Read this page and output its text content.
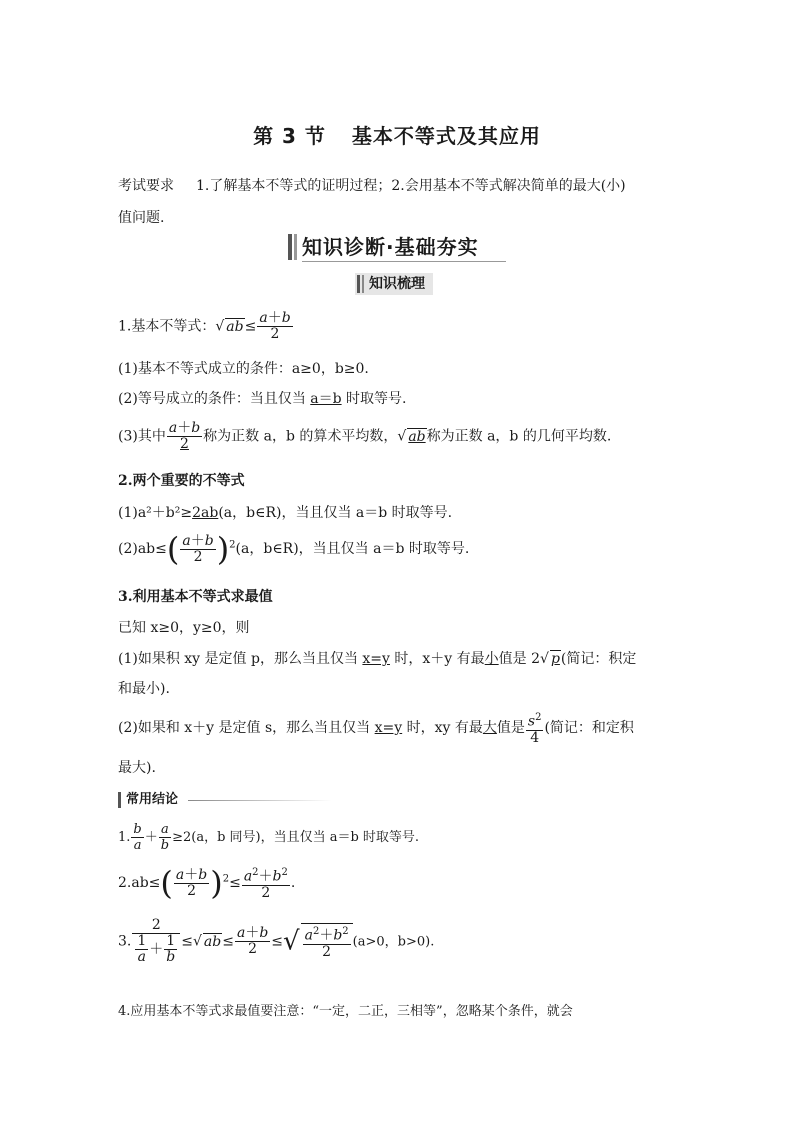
第 3 节 基本不等式及其应用
考试要求 1.了解基本不等式的证明过程；2.会用基本不等式解决简单的最大(小)
值问题.
知识诊断·基础夯实
知识梳理
1.基本不等式：√ $ab\le \frac{a+b}{2}$
(1)基本不等式成立的条件：a≥0，b≥0.
(2)等号成立的条件：当且仅当 a＝b 时取等号.
(3)其中 $\frac{a+b}{2}$ 称为正数 a，b 的算术平均数，√ ab称为正数 a，b 的几何平均数.
2.两个重要的不等式
(1)a²＋b²≥2ab(a，b∈R)，当且仅当 a＝b 时取等号.
$(2)ab\le( \frac{a+b}{2} )^2(a$，b∈R)，当且仅当 a＝b 时取等号.
3.利用基本不等式求最值
已知 x≥0，y≥0，则
(1)如果积 xy 是定值 p，那么当且仅当 x=y 时，x＋y 有最小值是 2√ p(简记：积定
和最小).
(2)如果和 x＋y 是定值 s，那么当且仅当 x=y 时，xy 有最大值是 $\frac{s^2}{4}$ (简记：和定积
最大).
常用结论
1. $\frac{b}{a} + \frac{a}{b} \ge 2(a$，b 同号)，当且仅当 a＝b 时取等号.
$2.ab\le( \frac{a+b}{2} )^2\le \frac{a^2+b^2}{2}$ .
3. $\frac{2}{\frac{1}{a} + \frac{1}{b}}$ ≤√ $ab\le \frac{a+b}{2}$ ≤√ $\frac{a^2+b^2}{2} (a>0$，b>0).
4.应用基本不等式求最值要注意：“一定，二正，三相等”，忽略某个条件，就会
